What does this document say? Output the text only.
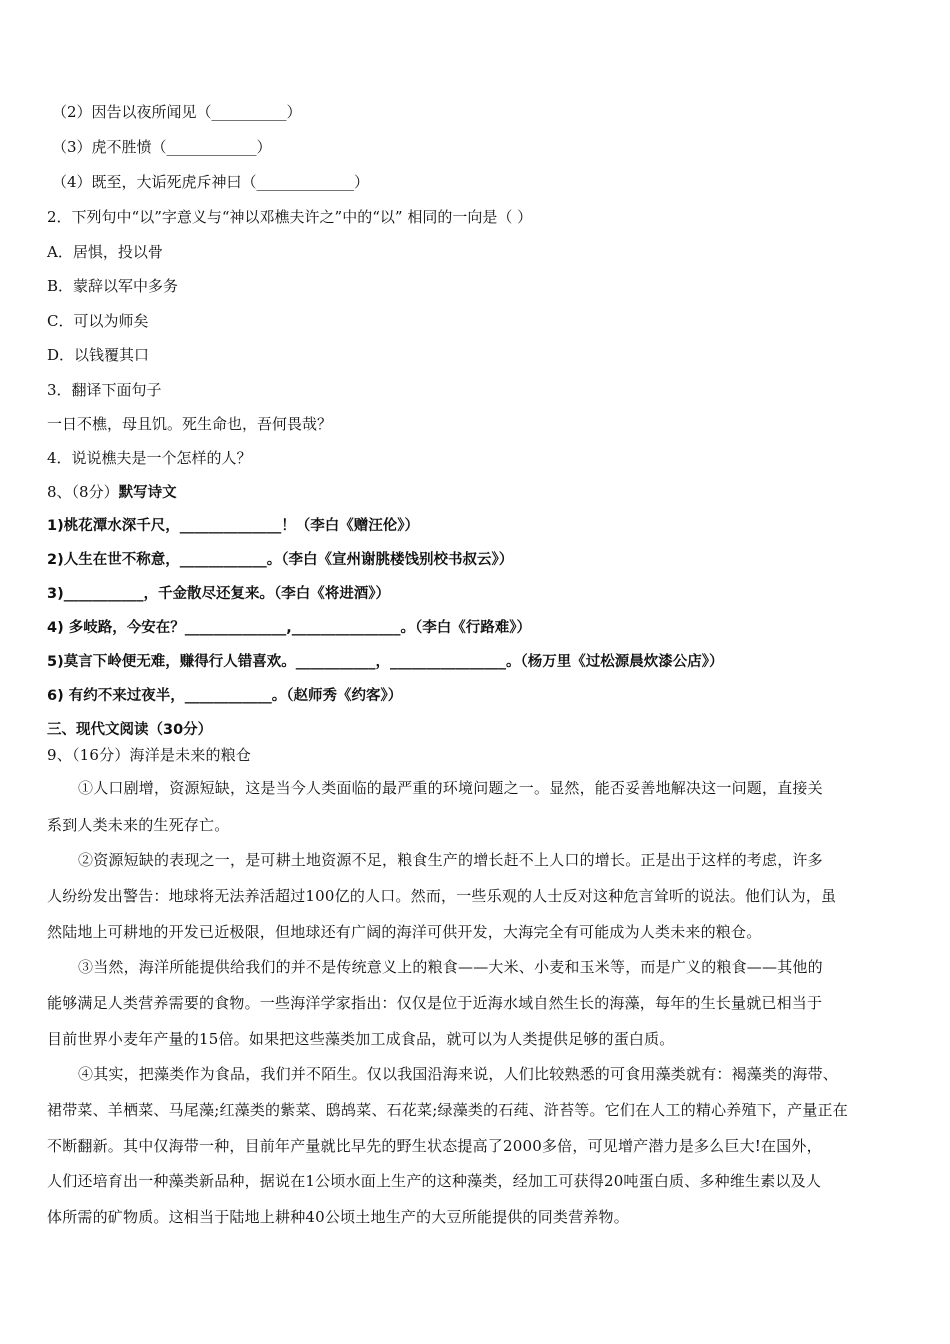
（2）因告以夜所闻见（__________）
（3）虎不胜愤（____________）
（4）既至，大诟死虎斥神曰（_____________）
2．下列句中“以”字意义与“神以邓樵夫许之”中的“以” 相同的一向是（ ）
A．居惧，投以骨
B．蒙辞以军中多务
C．可以为师矣
D．以钱覆其口
3．翻译下面句子
一日不樵，母且饥。死生命也，吾何畏哉？
4．说说樵夫是一个怎样的人？
8、（8分）默写诗文
1)桃花潭水深千尺，______________！（李白《赠汪伦》）
2)人生在世不称意，____________。（李白《宣州谢朓楼饯别校书叔云》）
3)___________，千金散尽还复来。（李白《将进酒》）
4) 多岐路，今安在？______________,_______________。（李白《行路难》）
5)莫言下岭便无难，赚得行人错喜欢。___________，________________。（杨万里《过松源晨炊漆公店》）
6) 有约不来过夜半，____________。（赵师秀《约客》）
三、现代文阅读（30分）
9、（16分）海洋是未来的粮仓
①人口剧增，资源短缺，这是当今人类面临的最严重的环境问题之一。显然，能否妥善地解决这一问题，直接关
系到人类未来的生死存亡。
②资源短缺的表现之一，是可耕土地资源不足，粮食生产的增长赶不上人口的增长。正是出于这样的考虑，许多
人纷纷发出警告：地球将无法养活超过100亿的人口。然而，一些乐观的人士反对这种危言耸听的说法。他们认为，虽
然陆地上可耕地的开发已近极限，但地球还有广阔的海洋可供开发，大海完全有可能成为人类未来的粮仓。
③当然，海洋所能提供给我们的并不是传统意义上的粮食——大米、小麦和玉米等，而是广义的粮食——其他的
能够满足人类营养需要的食物。一些海洋学家指出：仅仅是位于近海水域自然生长的海藻，每年的生长量就已相当于
目前世界小麦年产量的15倍。如果把这些藻类加工成食品，就可以为人类提供足够的蛋白质。
④其实，把藻类作为食品，我们并不陌生。仅以我国沿海来说，人们比较熟悉的可食用藻类就有：褐藻类的海带、
裙带菜、羊栖菜、马尾藻;红藻类的紫菜、鸱鸪菜、石花菜;绿藻类的石莼、浒苔等。它们在人工的精心养殖下，产量正在
不断翻新。其中仅海带一种，目前年产量就比早先的野生状态提高了2000多倍，可见增产潜力是多么巨大!在国外，
人们还培育出一种藻类新品种，据说在1公顷水面上生产的这种藻类，经加工可获得20吨蛋白质、多种维生素以及人
体所需的矿物质。这相当于陆地上耕种40公顷土地生产的大豆所能提供的同类营养物。
